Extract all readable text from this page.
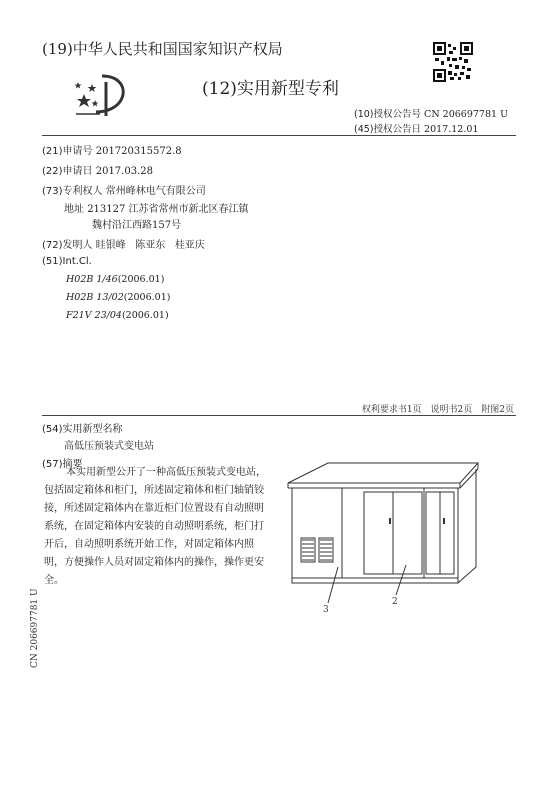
(19)中华人民共和国国家知识产权局
(12)实用新型专利
(10)授权公告号 CN 206697781 U
(45)授权公告日 2017.12.01
(21)申请号 201720315572.8
(22)申请日 2017.03.28
(73)专利权人 常州峰林电气有限公司
地址 213127 江苏省常州市新北区春江镇
魏村沿江西路157号
(72)发明人 眭银峰 陈亚东 桂亚庆
(51)Int.Cl.
H02B 1/46(2006.01)
H02B 13/02(2006.01)
F21V 23/04(2006.01)
权利要求书1页　说明书2页　附图2页
(54)实用新型名称
高低压预装式变电站
(57)摘要
本实用新型公开了一种高低压预装式变电站，包括固定箱体和柜门，所述固定箱体和柜门轴销铰接，所述固定箱体内在靠近柜门位置设有自动照明系统，在固定箱体内安装的自动照明系统，柜门打开后，自动照明系统开始工作，对固定箱体内照明，方便操作人员对固定箱体内的操作，操作更安全。
3
2
CN 206697781 U
